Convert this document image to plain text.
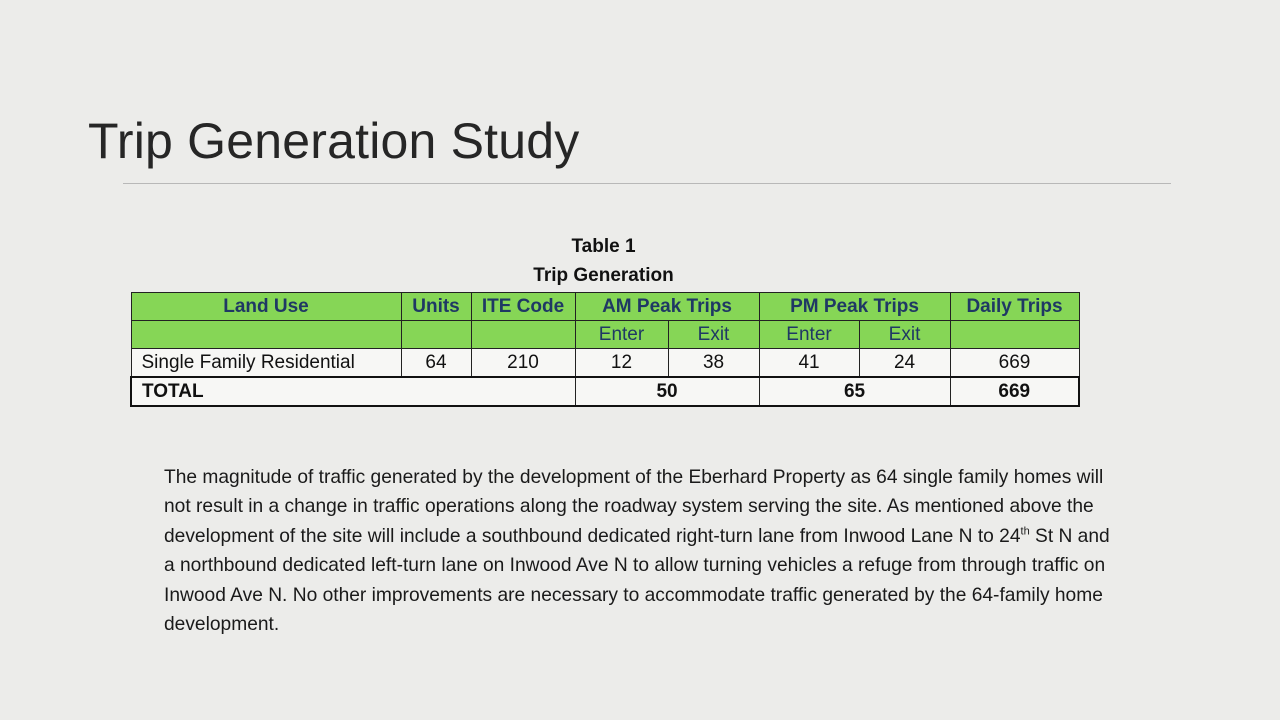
Trip Generation Study
Table 1
Trip Generation
Land Use	Units	ITE Code	AM Peak Trips		PM Peak Trips		Daily Trips
			Enter	Exit	Enter	Exit	
Single Family Residential	64	210	12	38	41	24	669
TOTAL			50		65		669

The magnitude of traffic generated by the development of the Eberhard Property as 64 single family homes will not result in a change in traffic operations along the roadway system serving the site. As mentioned above the development of the site will include a southbound dedicated right-turn lane from Inwood Lane N to 24th St N and a northbound dedicated left-turn lane on Inwood Ave N to allow turning vehicles a refuge from through traffic on Inwood Ave N. No other improvements are necessary to accommodate traffic generated by the 64-family home development.
